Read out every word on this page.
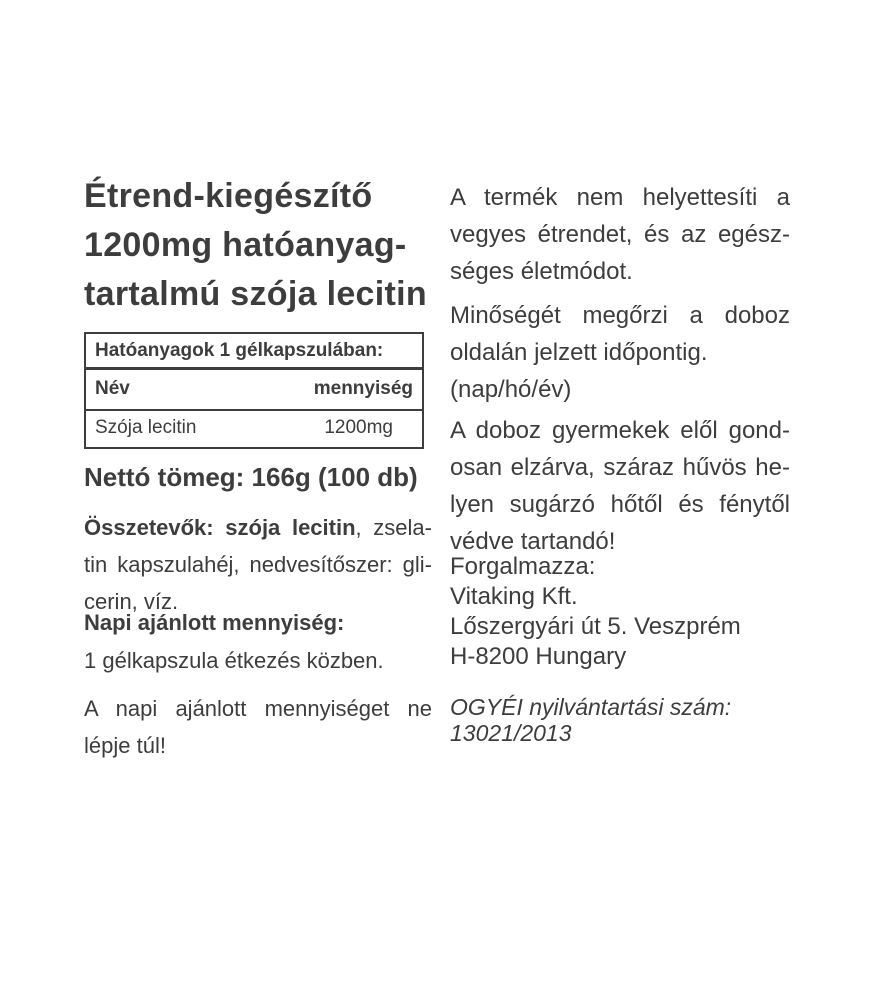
Étrend-kiegészítő
1200mg hatóanyag-
tartalmú szója lecitin
Hatóanyagok 1 gélkapszulában:
Név	mennyiség
Szója lecitin	1200mg
Nettó tömeg: 166g (100 db)
Összetevők: szója lecitin, zsela-
tin kapszulahéj, nedvesítőszer: gli-
cerin, víz.
Napi ajánlott mennyiség:
1 gélkapszula étkezés közben.
A napi ajánlott mennyiséget ne
lépje túl!
A termék nem helyettesíti a
vegyes étrendet, és az egész-
séges életmódot.
Minőségét megőrzi a doboz
oldalán jelzett időpontig.
(nap/hó/év)
A doboz gyermekek elől gond-
osan elzárva, száraz hűvös he-
lyen sugárzó hőtől és fénytől
védve tartandó!
Forgalmazza:
Vitaking Kft.
Lőszergyári út 5. Veszprém
H-8200 Hungary
OGYÉI nyilvántartási szám:
13021/2013
